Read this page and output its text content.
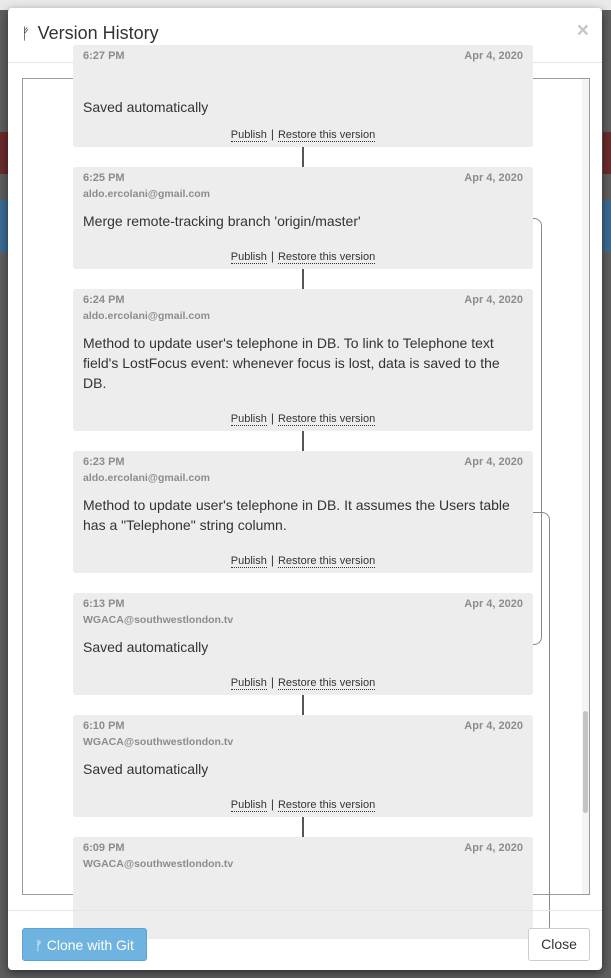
ᚠ Version History	×
6:27 PM	Apr 4, 2020
Saved automatically
Publish | Restore this version
6:25 PM	Apr 4, 2020
aldo.ercolani@gmail.com
Merge remote-tracking branch 'origin/master'
Publish | Restore this version
6:24 PM	Apr 4, 2020
aldo.ercolani@gmail.com
Method to update user's telephone in DB. To link to Telephone text field's LostFocus event: whenever focus is lost, data is saved to the DB.
Publish | Restore this version
6:23 PM	Apr 4, 2020
aldo.ercolani@gmail.com
Method to update user's telephone in DB. It assumes the Users table has a "Telephone" string column.
Publish | Restore this version
6:13 PM	Apr 4, 2020
WGACA@southwestlondon.tv
Saved automatically
Publish | Restore this version
6:10 PM	Apr 4, 2020
WGACA@southwestlondon.tv
Saved automatically
Publish | Restore this version
6:09 PM	Apr 4, 2020
WGACA@southwestlondon.tv
ᚠ Clone with Git	Close
